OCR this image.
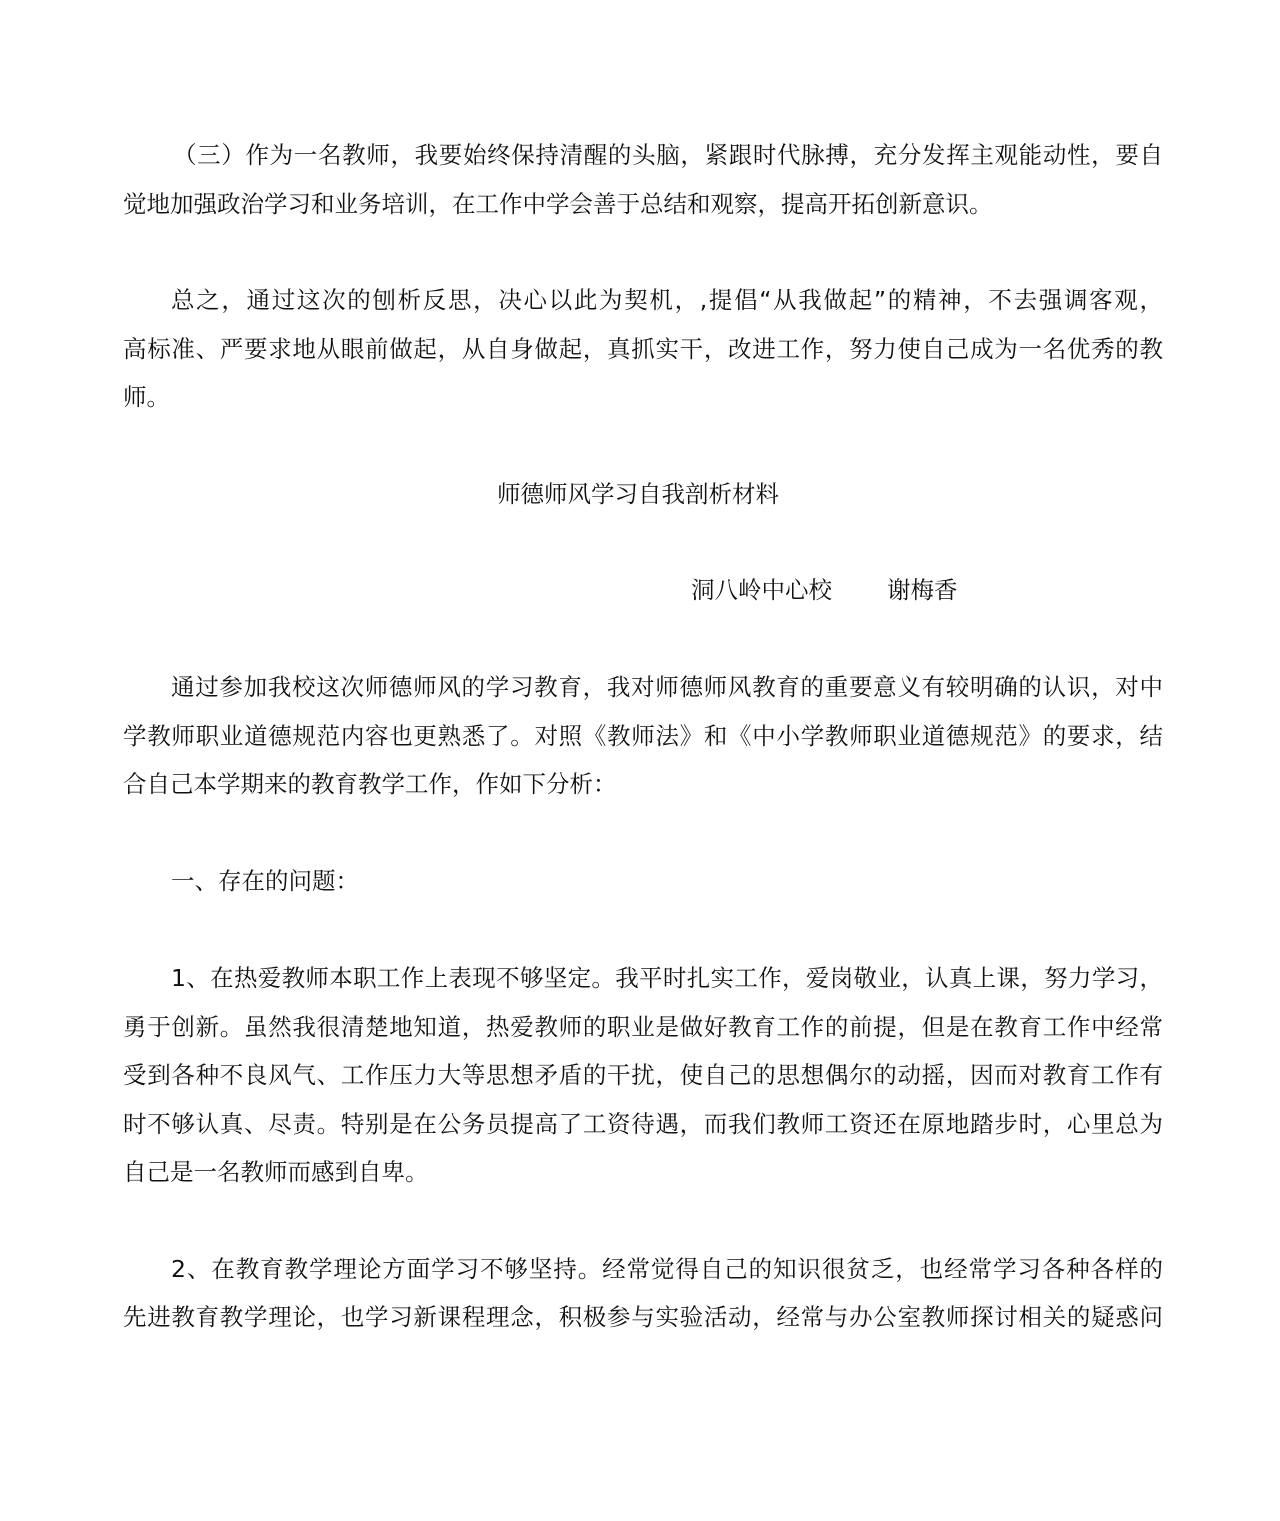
（三）作为一名教师，我要始终保持清醒的头脑，紧跟时代脉搏，充分发挥主观能动性，要自
觉地加强政治学习和业务培训，在工作中学会善于总结和观察，提高开拓创新意识。
总之，通过这次的刨析反思，决心以此为契机，,提倡“从我做起”的精神，不去强调客观，
高标准、严要求地从眼前做起，从自身做起，真抓实干，改进工作，努力使自己成为一名优秀的教
师。
师德师风学习自我剖析材料
洞八岭中心校 谢梅香
通过参加我校这次师德师风的学习教育，我对师德师风教育的重要意义有较明确的认识，对中
学教师职业道德规范内容也更熟悉了。对照《教师法》和《中小学教师职业道德规范》的要求，结
合自己本学期来的教育教学工作，作如下分析：
一、存在的问题：
1、在热爱教师本职工作上表现不够坚定。我平时扎实工作，爱岗敬业，认真上课，努力学习，
勇于创新。虽然我很清楚地知道，热爱教师的职业是做好教育工作的前提，但是在教育工作中经常
受到各种不良风气、工作压力大等思想矛盾的干扰，使自己的思想偶尔的动摇，因而对教育工作有
时不够认真、尽责。特别是在公务员提高了工资待遇，而我们教师工资还在原地踏步时，心里总为
自己是一名教师而感到自卑。
2、在教育教学理论方面学习不够坚持。经常觉得自己的知识很贫乏，也经常学习各种各样的
先进教育教学理论，也学习新课程理念，积极参与实验活动，经常与办公室教师探讨相关的疑惑问
